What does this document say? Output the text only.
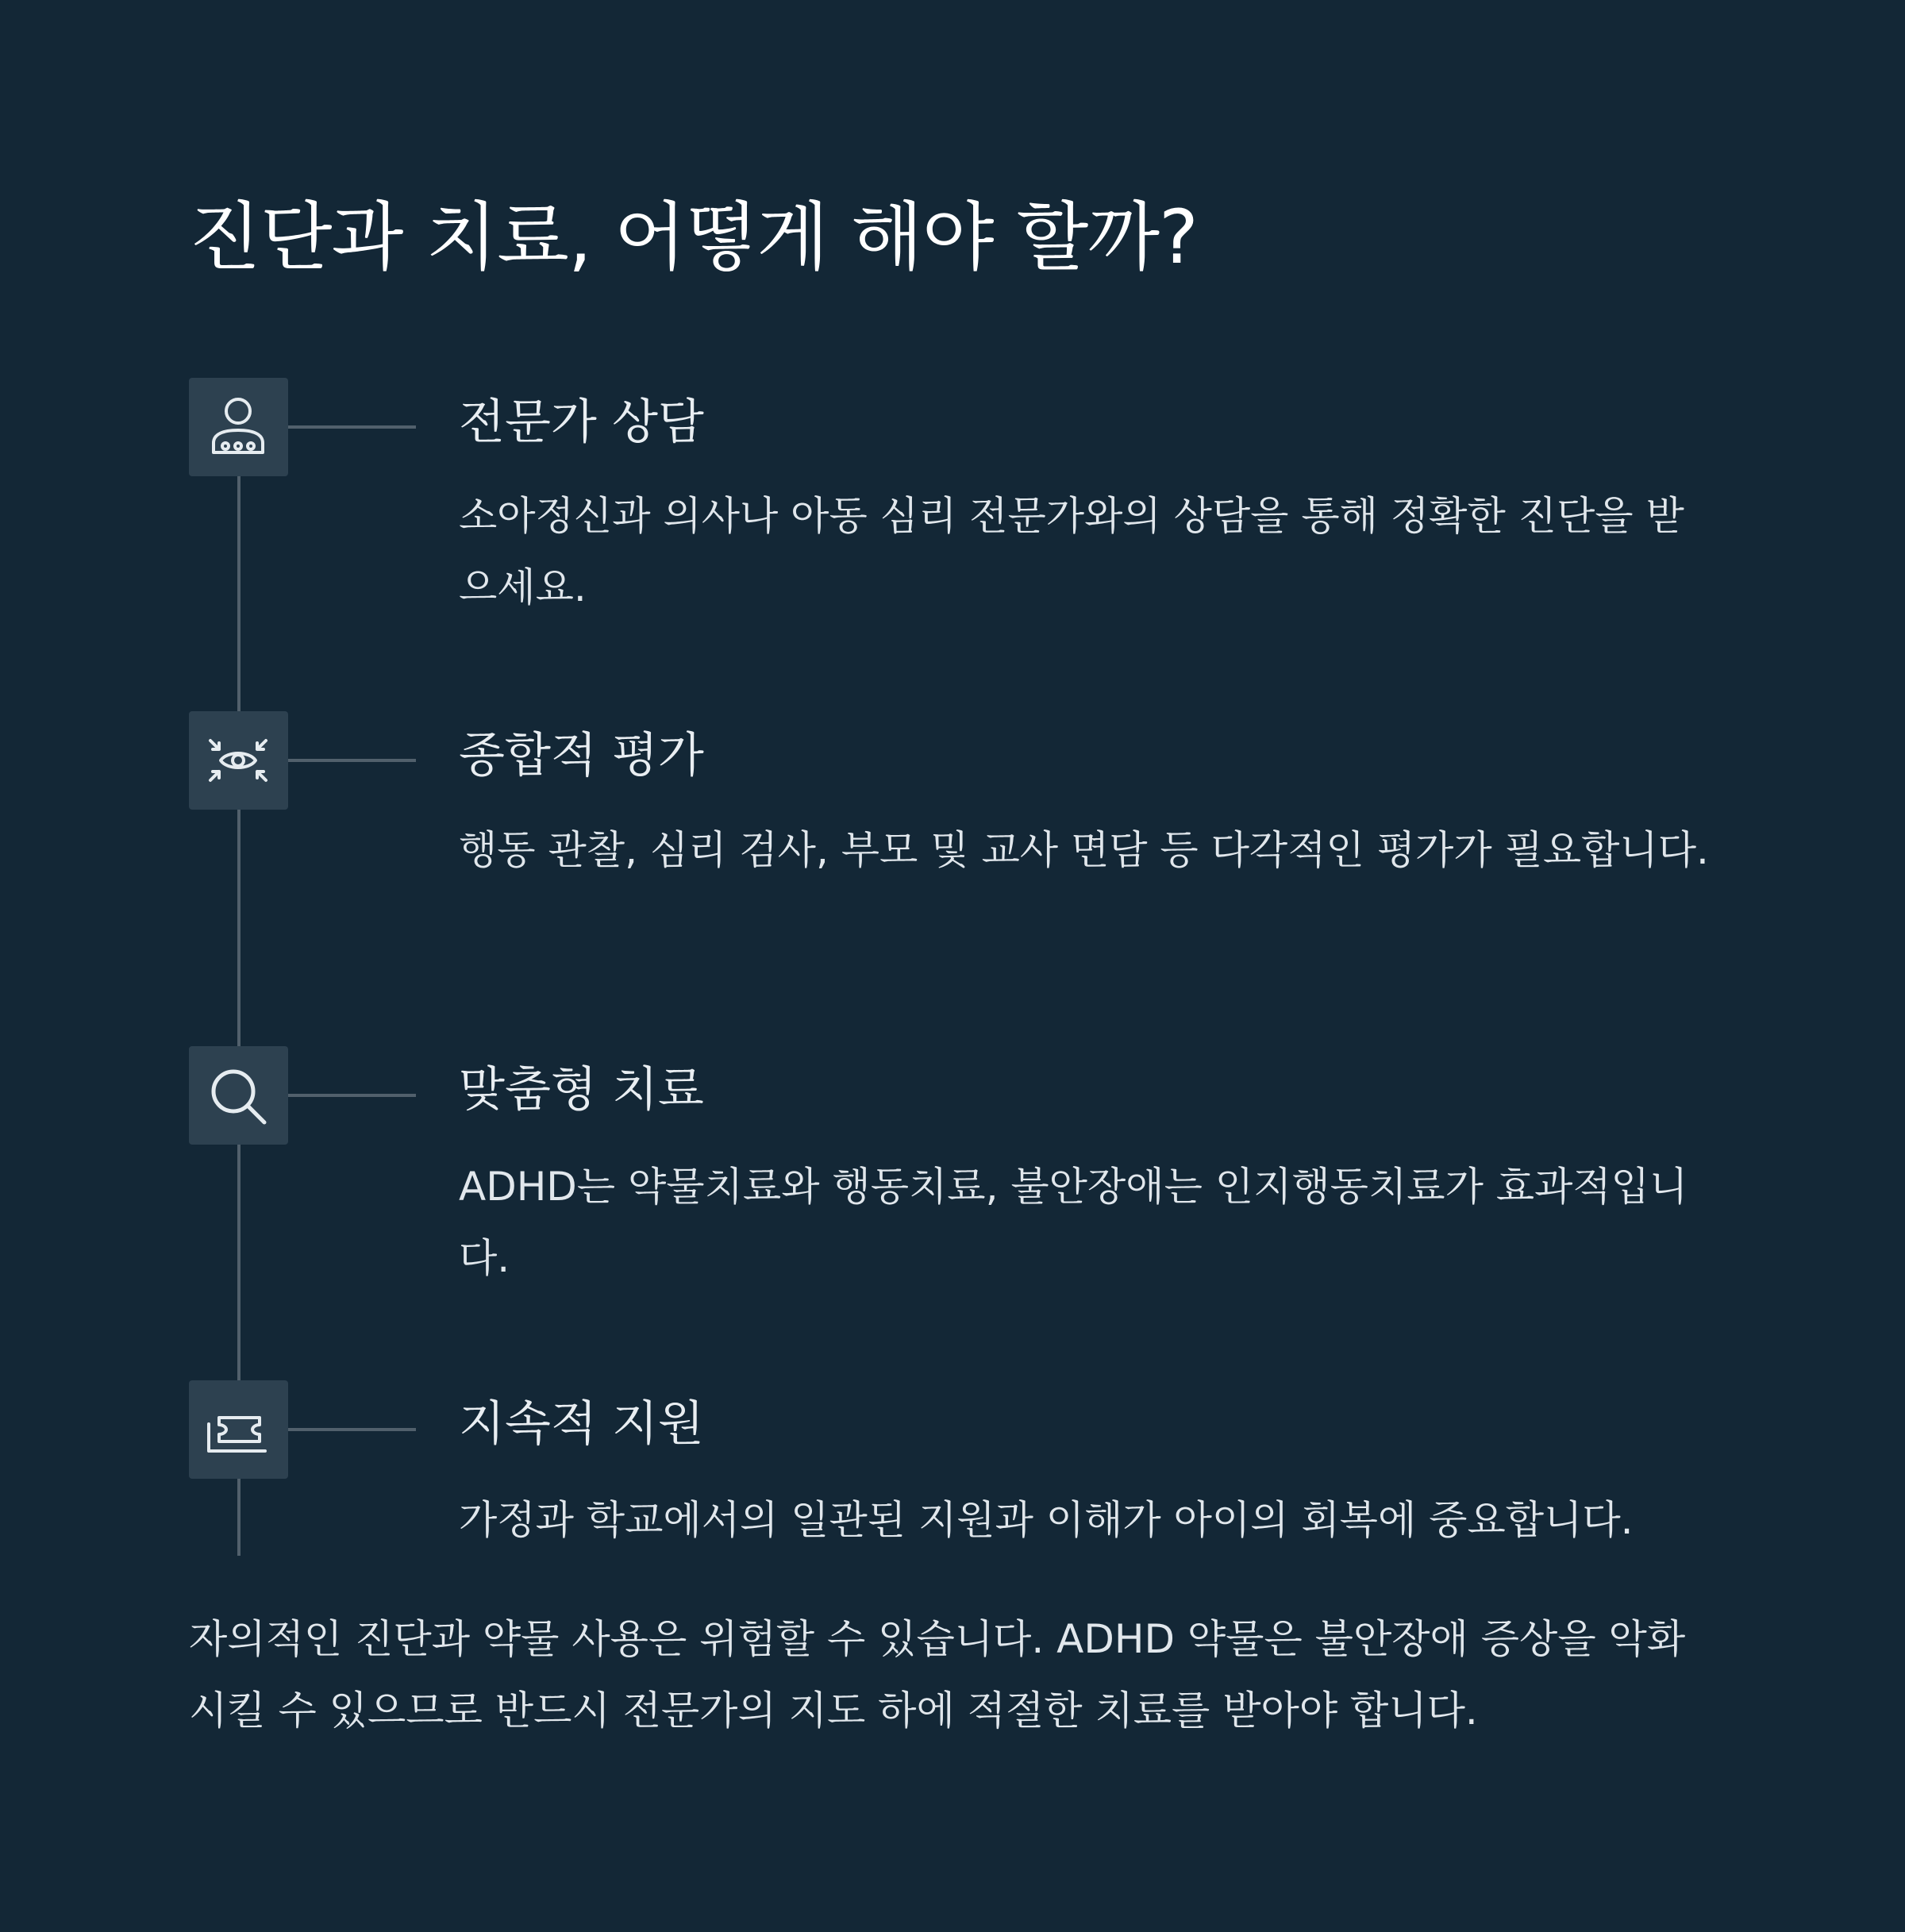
진단과 치료, 어떻게 해야 할까?
전문가 상담

소아정신과 의사나 아동 심리 전문가와의 상담을 통해 정확한 진단을 받으세요.

종합적 평가

행동 관찰, 심리 검사, 부모 및 교사 면담 등 다각적인 평가가 필요합니다.

맞춤형 치료

ADHD는 약물치료와 행동치료, 불안장애는 인지행동치료가 효과적입니다.

지속적 지원

가정과 학교에서의 일관된 지원과 이해가 아이의 회복에 중요합니다.

자의적인 진단과 약물 사용은 위험할 수 있습니다. ADHD 약물은 불안장애 증상을 악화시킬 수 있으므로 반드시 전문가의 지도 하에 적절한 치료를 받아야 합니다.
